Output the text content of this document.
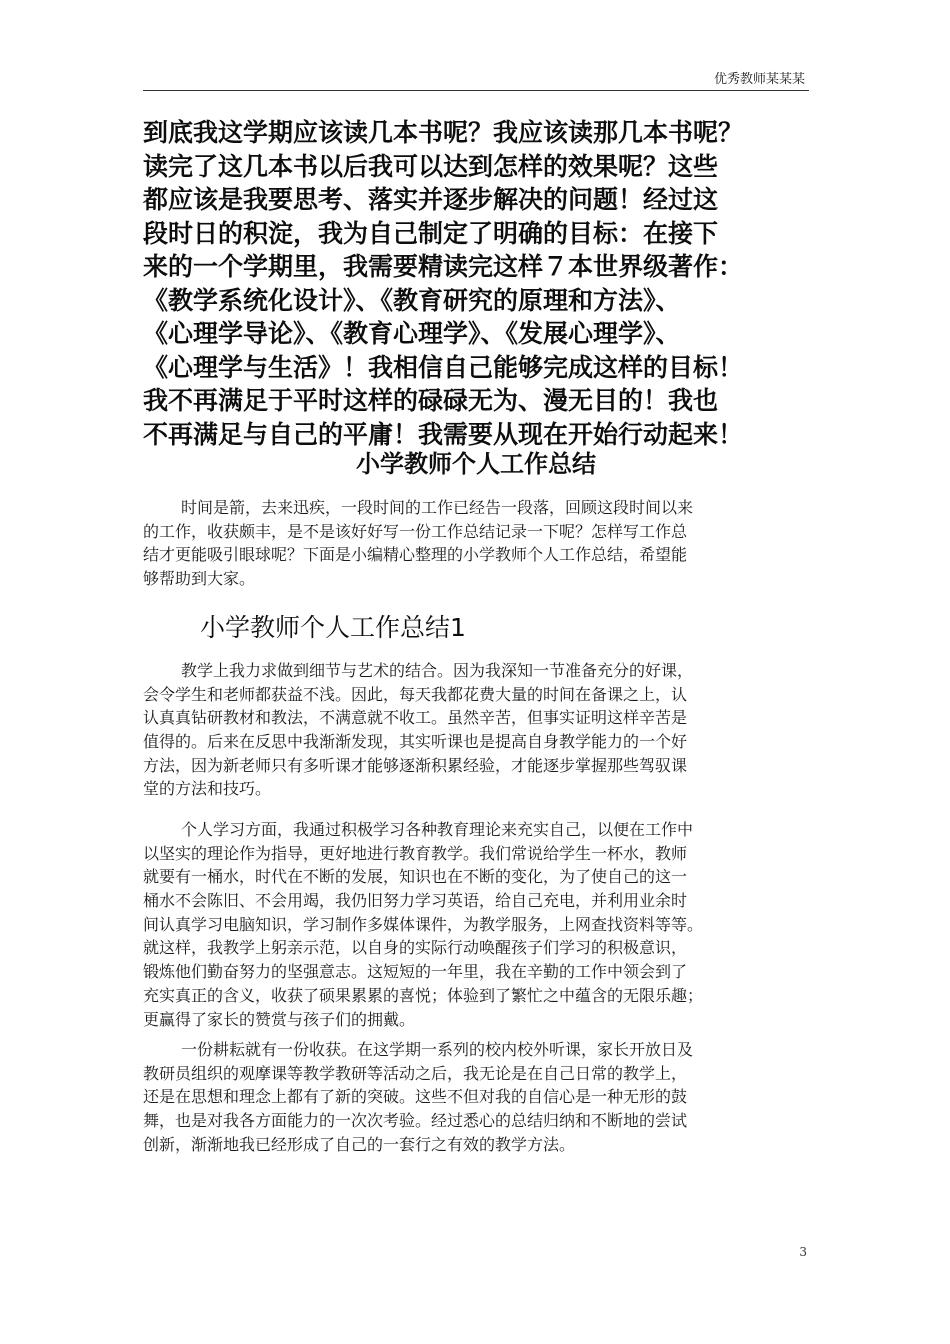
优秀教师某某某
到底我这学期应该读几本书呢？我应该读那几本书呢？
读完了这几本书以后我可以达到怎样的效果呢？这些
都应该是我要思考、落实并逐步解决的问题！经过这
段时日的积淀，我为自己制定了明确的目标：在接下
来的一个学期里，我需要精读完这样７本世界级著作：
《教学系统化设计》、《教育研究的原理和方法》、
《心理学导论》、《教育心理学》、《发展心理学》、
《心理学与生活》！我相信自己能够完成这样的目标！
我不再满足于平时这样的碌碌无为、漫无目的！我也
不再满足与自己的平庸！我需要从现在开始行动起来！
小学教师个人工作总结
时间是箭，去来迅疾，一段时间的工作已经告一段落，回顾这段时间以来
的工作，收获颇丰，是不是该好好写一份工作总结记录一下呢？怎样写工作总
结才更能吸引眼球呢？下面是小编精心整理的小学教师个人工作总结，希望能
够帮助到大家。
小学教师个人工作总结1
教学上我力求做到细节与艺术的结合。因为我深知一节准备充分的好课，
会令学生和老师都获益不浅。因此，每天我都花费大量的时间在备课之上，认
认真真钻研教材和教法，不满意就不收工。虽然辛苦，但事实证明这样辛苦是
值得的。后来在反思中我渐渐发现，其实听课也是提高自身教学能力的一个好
方法，因为新老师只有多听课才能够逐渐积累经验，才能逐步掌握那些驾驭课
堂的方法和技巧。
个人学习方面，我通过积极学习各种教育理论来充实自己，以便在工作中
以坚实的理论作为指导，更好地进行教育教学。我们常说给学生一杯水，教师
就要有一桶水，时代在不断的发展，知识也在不断的变化，为了使自己的这一
桶水不会陈旧、不会用竭，我仍旧努力学习英语，给自己充电，并利用业余时
间认真学习电脑知识，学习制作多媒体课件，为教学服务，上网查找资料等等。
就这样，我教学上躬亲示范，以自身的实际行动唤醒孩子们学习的积极意识，
锻炼他们勤奋努力的坚强意志。这短短的一年里，我在辛勤的工作中领会到了
充实真正的含义，收获了硕果累累的喜悦；体验到了繁忙之中蕴含的无限乐趣；
更赢得了家长的赞赏与孩子们的拥戴。
一份耕耘就有一份收获。在这学期一系列的校内校外听课，家长开放日及
教研员组织的观摩课等教学教研等活动之后，我无论是在自己日常的教学上，
还是在思想和理念上都有了新的突破。这些不但对我的自信心是一种无形的鼓
舞，也是对我各方面能力的一次次考验。经过悉心的总结归纳和不断地的尝试
创新，渐渐地我已经形成了自己的一套行之有效的教学方法。
3
